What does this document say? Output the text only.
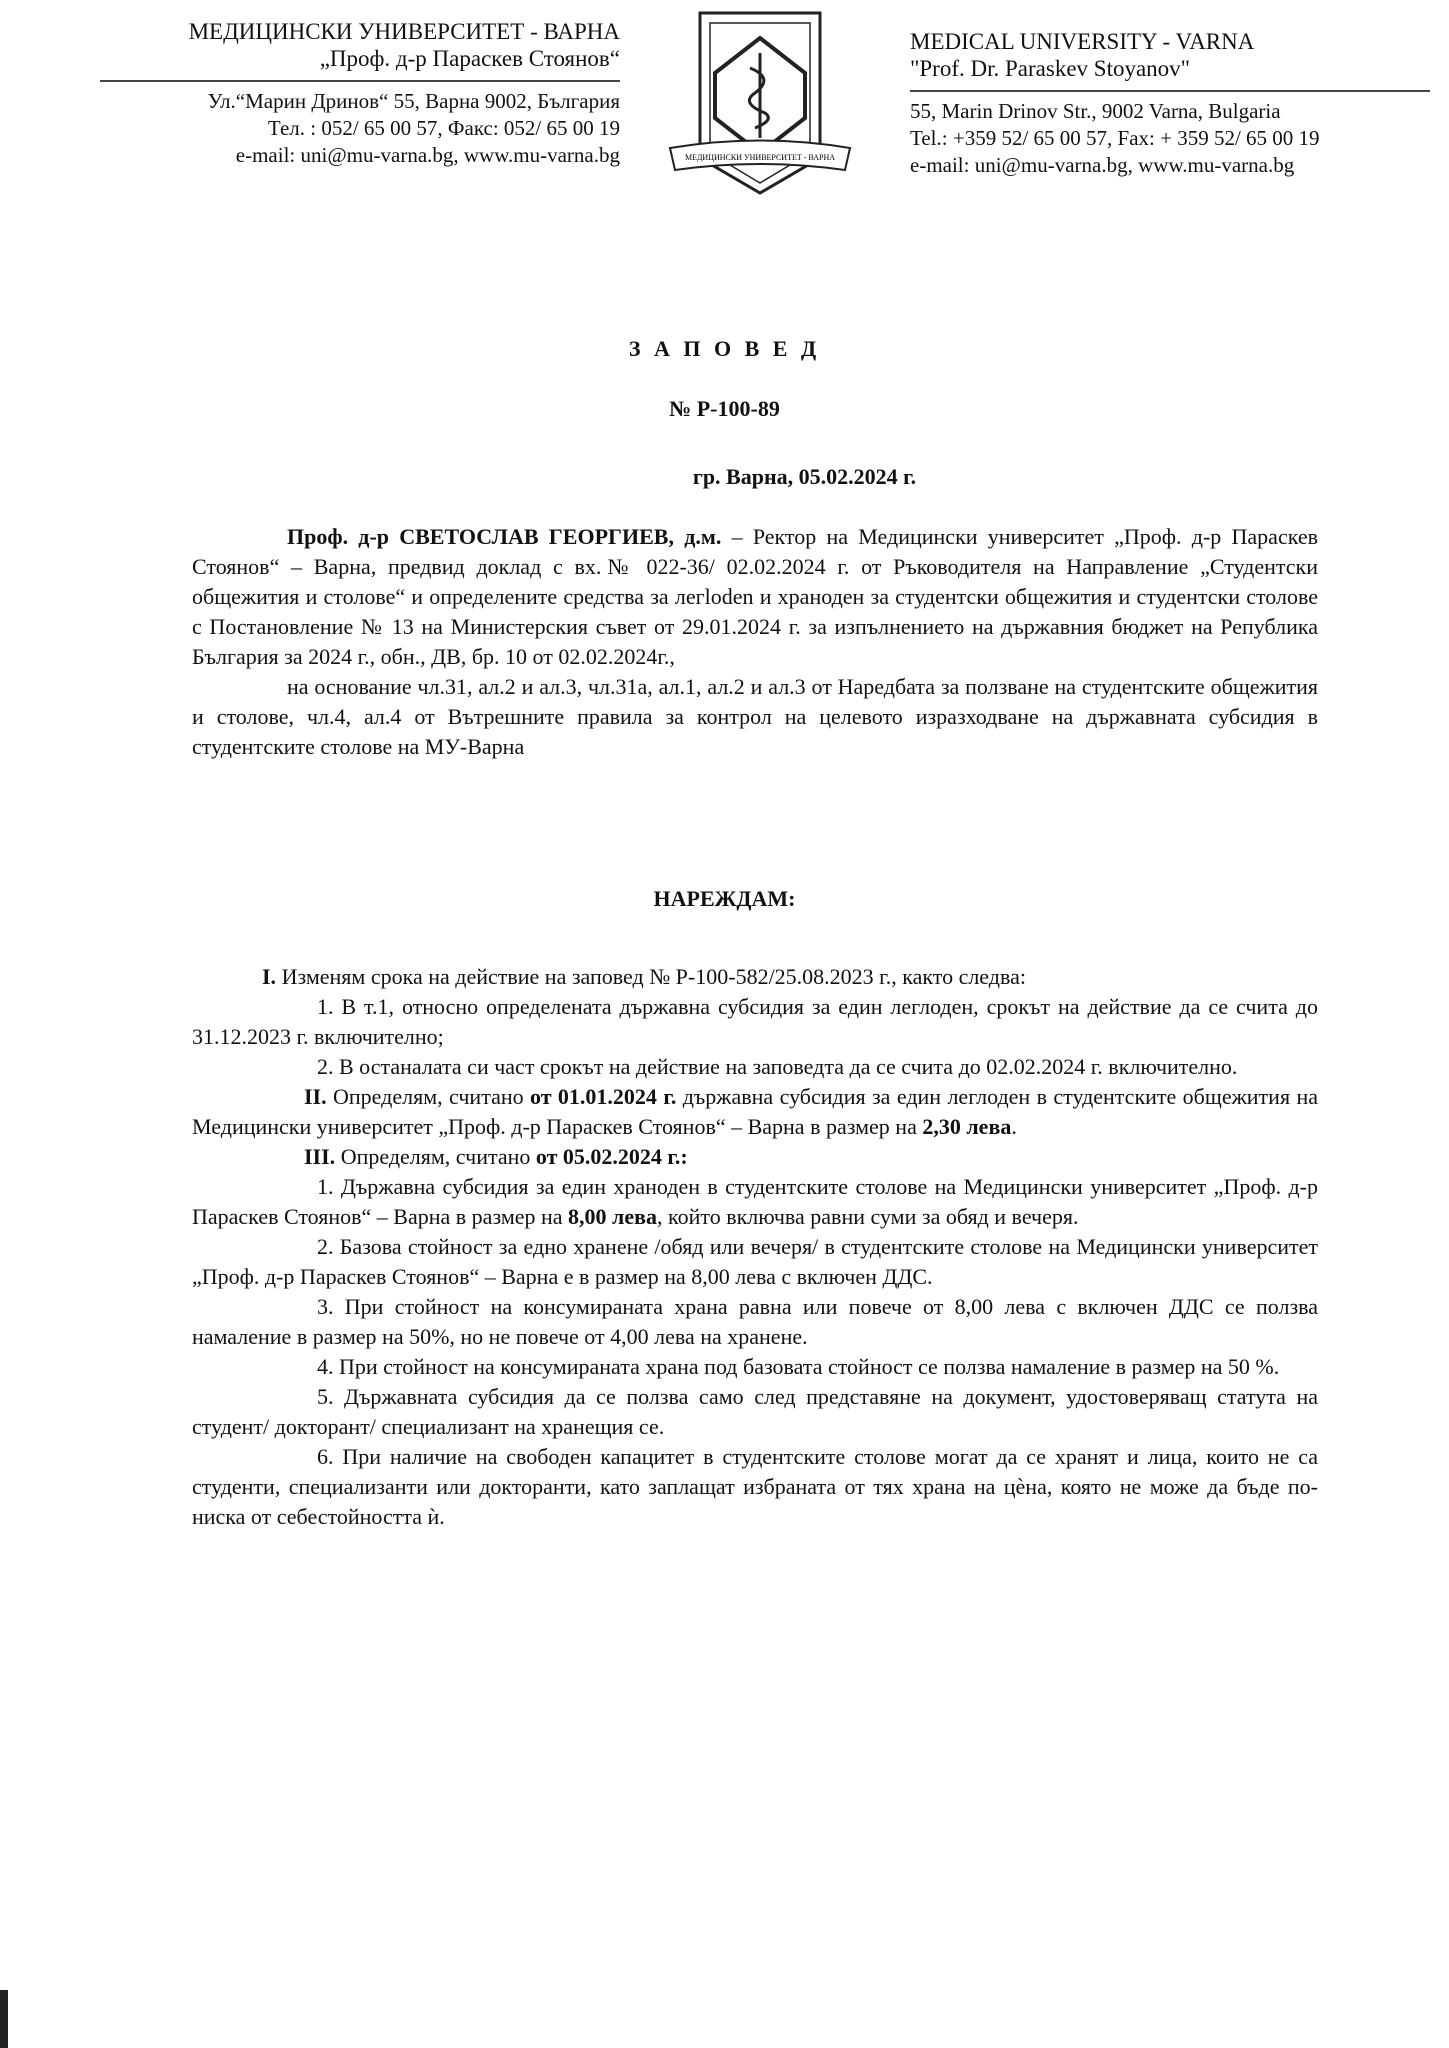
МЕДИЦИНСКИ УНИВЕРСИТЕТ - ВАРНА
„Проф. д-р Параскев Стоянов“
Ул.“Марин Дринов“ 55, Варна 9002, България
Тел. : 052/ 65 00 57, Факс: 052/ 65 00 19
e-mail: uni@mu-varna.bg, www.mu-varna.bg	МЕДИЦИНСКИ УНИВЕРСИТЕТ - ВАРНА
MEDICAL UNIVERSITY - VARNA
"Prof. Dr. Paraskev Stoyanov"
55, Marin Drinov Str., 9002 Varna, Bulgaria
Tel.: +359 52/ 65 00 57, Fax: + 359 52/ 65 00 19
e-mail: uni@mu-varna.bg, www.mu-varna.bg
З А П О В Е Д
№ Р-100-89
гр. Варна, 05.02.2024 г.

Проф. д-р СВЕТОСЛАВ ГЕОРГИЕВ, д.м. – Ректор на Медицински университет „Проф. д-р Параскев Стоянов“ – Варна, предвид доклад с вх.№ 022-36/ 02.02.2024 г. от Ръководителя на Направление „Студентски общежития и столове“ и определените средства за легloden и храноден за студентски общежития и студентски столове с Постановление № 13 на Министерския съвет от 29.01.2024 г. за изпълнението на държавния бюджет на Република България за 2024 г., обн., ДВ, бр. 10 от 02.02.2024г.,

на основание чл.31, ал.2 и ал.3, чл.31а, ал.1, ал.2 и ал.3 от Наредбата за ползване на студентските общежития и столове, чл.4, ал.4 от Вътрешните правила за контрол на целевото изразходване на държавната субсидия в студентските столове на МУ-Варна

НАРЕЖДАМ:

I. Изменям срока на действие на заповед № Р-100-582/25.08.2023 г., както следва:

1. В т.1, относно определената държавна субсидия за един леглоден, срокът на действие да се счита до 31.12.2023 г. включително;

2. В останалата си част срокът на действие на заповедта да се счита до 02.02.2024 г. включително.

II. Определям, считано от 01.01.2024 г. държавна субсидия за един леглоден в студентските общежития на Медицински университет „Проф. д-р Параскев Стоянов“ – Варна в размер на 2,30 лева.

III. Определям, считано от 05.02.2024 г.:

1. Държавна субсидия за един храноден в студентските столове на Медицински университет „Проф. д-р Параскев Стоянов“ – Варна в размер на 8,00 лева, който включва равни суми за обяд и вечеря.

2. Базова стойност за едно хранене /обяд или вечеря/ в студентските столове на Медицински университет „Проф. д-р Параскев Стоянов“ – Варна е в размер на 8,00 лева с включен ДДС.

3. При стойност на консумираната храна равна или повече от 8,00 лева с включен ДДС се ползва намаление в размер на 50%, но не повече от 4,00 лева на хранене.

4. При стойност на консумираната храна под базовата стойност се ползва намаление в размер на 50 %.

5. Държавната субсидия да се ползва само след представяне на документ, удостоверяващ статута на студент/ докторант/ специализант на хранещия се.

6. При наличие на свободен капацитет в студентските столове могат да се хранят и лица, които не са студенти, специализанти или докторанти, като заплащат избраната от тях храна на цѐна, която не може да бъде по-ниска от себестойността ѝ.
